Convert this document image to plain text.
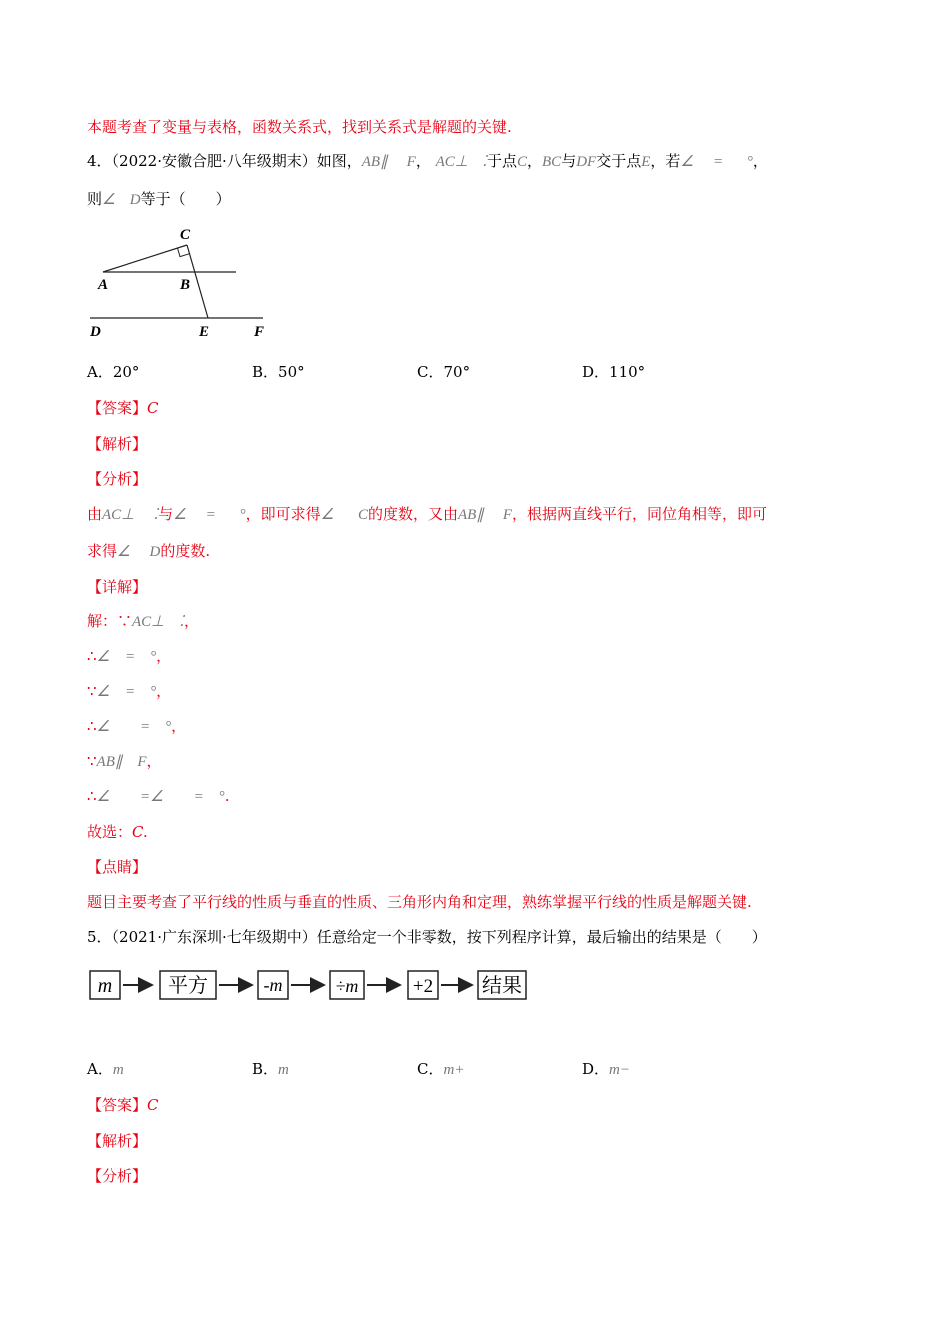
本题考查了变量与表格，函数关系式，找到关系式是解题的关键.
4．（2022·安徽合肥·八年级期末）如图，AB∥ F， AC⊥ ⁚于点C，BC与DF交于点E，若∠ = °，
则∠ D等于（　　）
C
A	B
D	E	F
A．20°	B．50°	C．70°	D．110°
【答案】C
【解析】
【分析】
由AC⊥ ⁚与∠ = °，即可求得∠ C的度数，又由AB∥ F，根据两直线平行，同位角相等，即可
求得∠ D的度数.
【详解】
解：∵AC⊥　⁚，
∴∠　=　°，
∵∠　=　°，
∴∠　　=　°，
∵AB∥　F，
∴∠　　=∠　　=　°.
故选：C.
【点睛】
题目主要考查了平行线的性质与垂直的性质、三角形内角和定理，熟练掌握平行线的性质是解题关键.
5．（2021·广东深圳·七年级期中）任意给定一个非零数，按下列程序计算，最后输出的结果是（　　）
m	平方	-m	÷m	+2 结果
A．m	B．m	C．m+	D．m−
【答案】C
【解析】
【分析】
